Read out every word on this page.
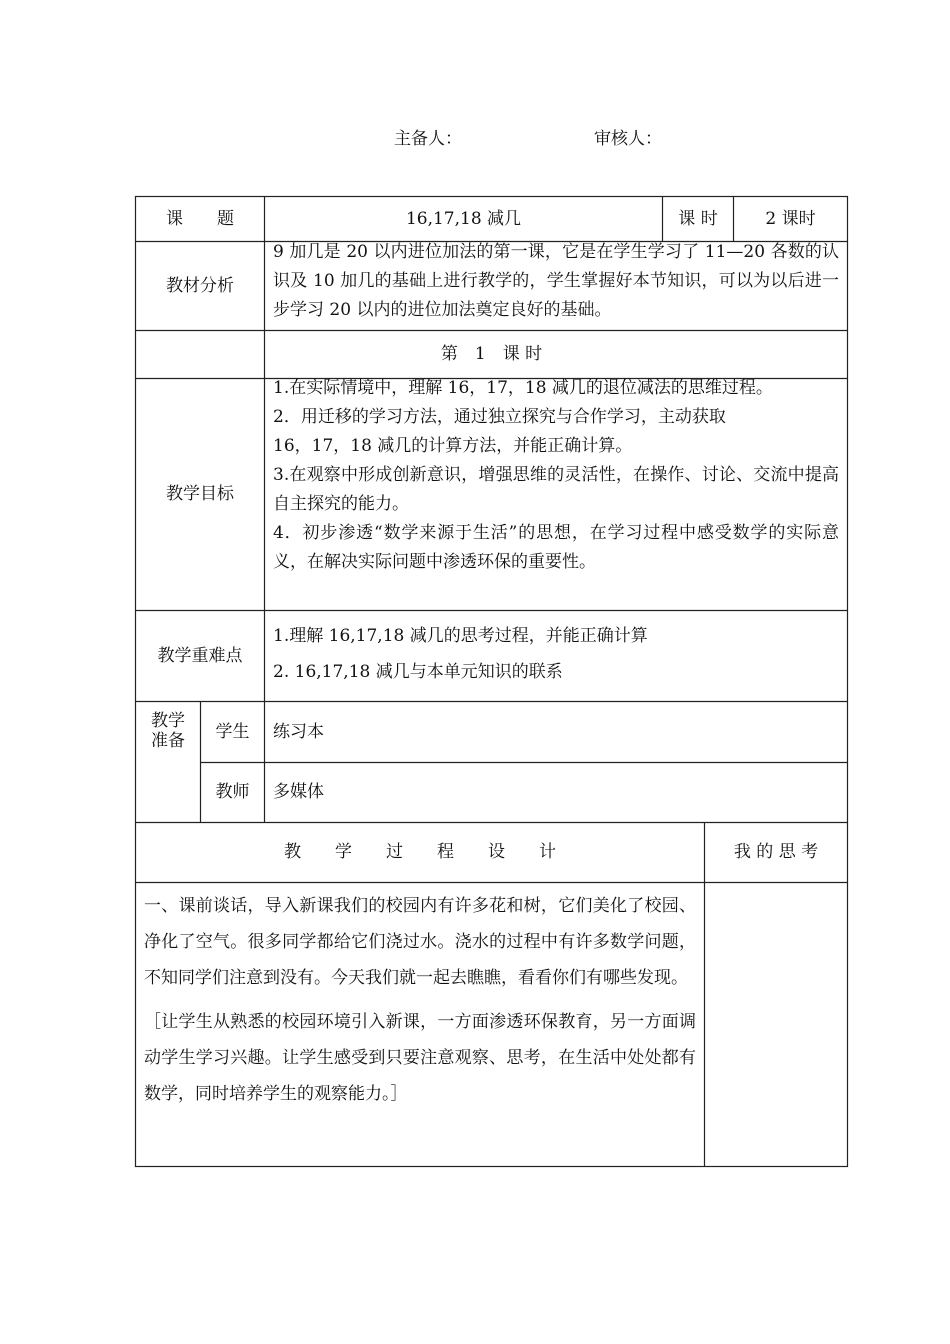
主备人：	审核人：
课　　题	16,17,18 减几	课 时	2 课时
教材分析
9 加几是 20 以内进位加法的第一课，它是在学生学习了 11—20 各数的认识及 10 加几的基础上进行教学的，学生掌握好本节知识，可以为以后进一步学习 20 以内的进位加法奠定良好的基础。
第　1　课 时
教学目标
1.在实际情境中，理解 16，17，18 减几的退位减法的思维过程。
2．用迁移的学习方法，通过独立探究与合作学习，主动获取
16，17，18 减几的计算方法，并能正确计算。
3.在观察中形成创新意识，增强思维的灵活性，在操作、讨论、交流中提高自主探究的能力。
4．初步渗透“数学来源于生活”的思想，在学习过程中感受数学的实际意义，在解决实际问题中渗透环保的重要性。
教学重难点
1.理解 16,17,18 减几的思考过程，并能正确计算
2. 16,17,18 减几与本单元知识的联系
教学准备	学生	练习本
教师	多媒体
教　　学　　过　　程　　设　　计	我 的 思 考
一、课前谈话，导入新课我们的校园内有许多花和树，它们美化了校园、净化了空气。很多同学都给它们浇过水。浇水的过程中有许多数学问题，不知同学们注意到没有。今天我们就一起去瞧瞧，看看你们有哪些发现。
［让学生从熟悉的校园环境引入新课，一方面渗透环保教育，另一方面调动学生学习兴趣。让学生感受到只要注意观察、思考，在生活中处处都有数学，同时培养学生的观察能力。］
